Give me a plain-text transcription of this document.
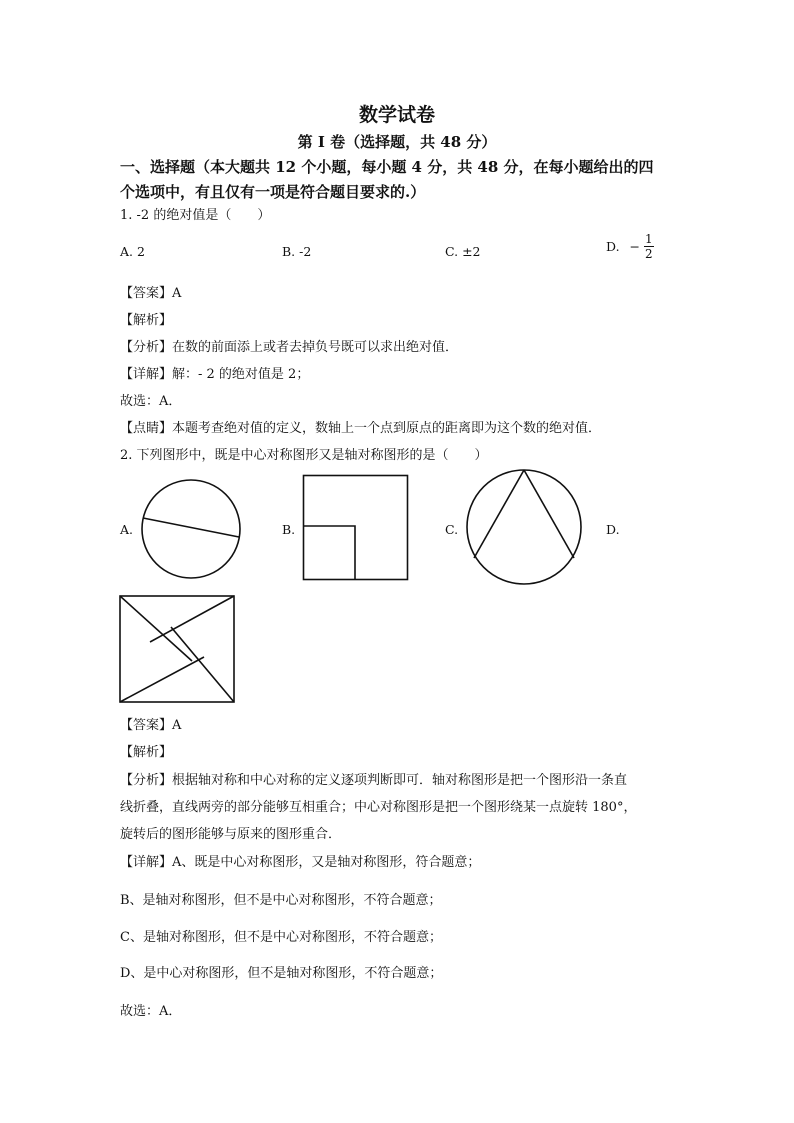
数学试卷
第 I 卷（选择题，共 48 分）
一、选择题（本大题共 12 个小题，每小题 4 分，共 48 分，在每小题给出的四
个选项中，有且仅有一项是符合题目要求的.）
1. -2 的绝对值是（　　）
A. 2	B. -2	C. ±2	D. − $\frac{1}{2}$
【答案】A
【解析】
【分析】在数的前面添上或者去掉负号既可以求出绝对值．
【详解】解：- 2 的绝对值是 2；
故选：A．
【点睛】本题考查绝对值的定义，数轴上一个点到原点的距离即为这个数的绝对值．
2. 下列图形中，既是中心对称图形又是轴对称图形的是（　　）
A.	B.	C.	D.
【答案】A
【解析】
【分析】根据轴对称和中心对称的定义逐项判断即可．轴对称图形是把一个图形沿一条直
线折叠，直线两旁的部分能够互相重合；中心对称图形是把一个图形绕某一点旋转 180°，
旋转后的图形能够与原来的图形重合．
【详解】A、既是中心对称图形，又是轴对称图形，符合题意；
B、是轴对称图形，但不是中心对称图形，不符合题意；
C、是轴对称图形，但不是中心对称图形，不符合题意；
D、是中心对称图形，但不是轴对称图形，不符合题意；
故选：A．
